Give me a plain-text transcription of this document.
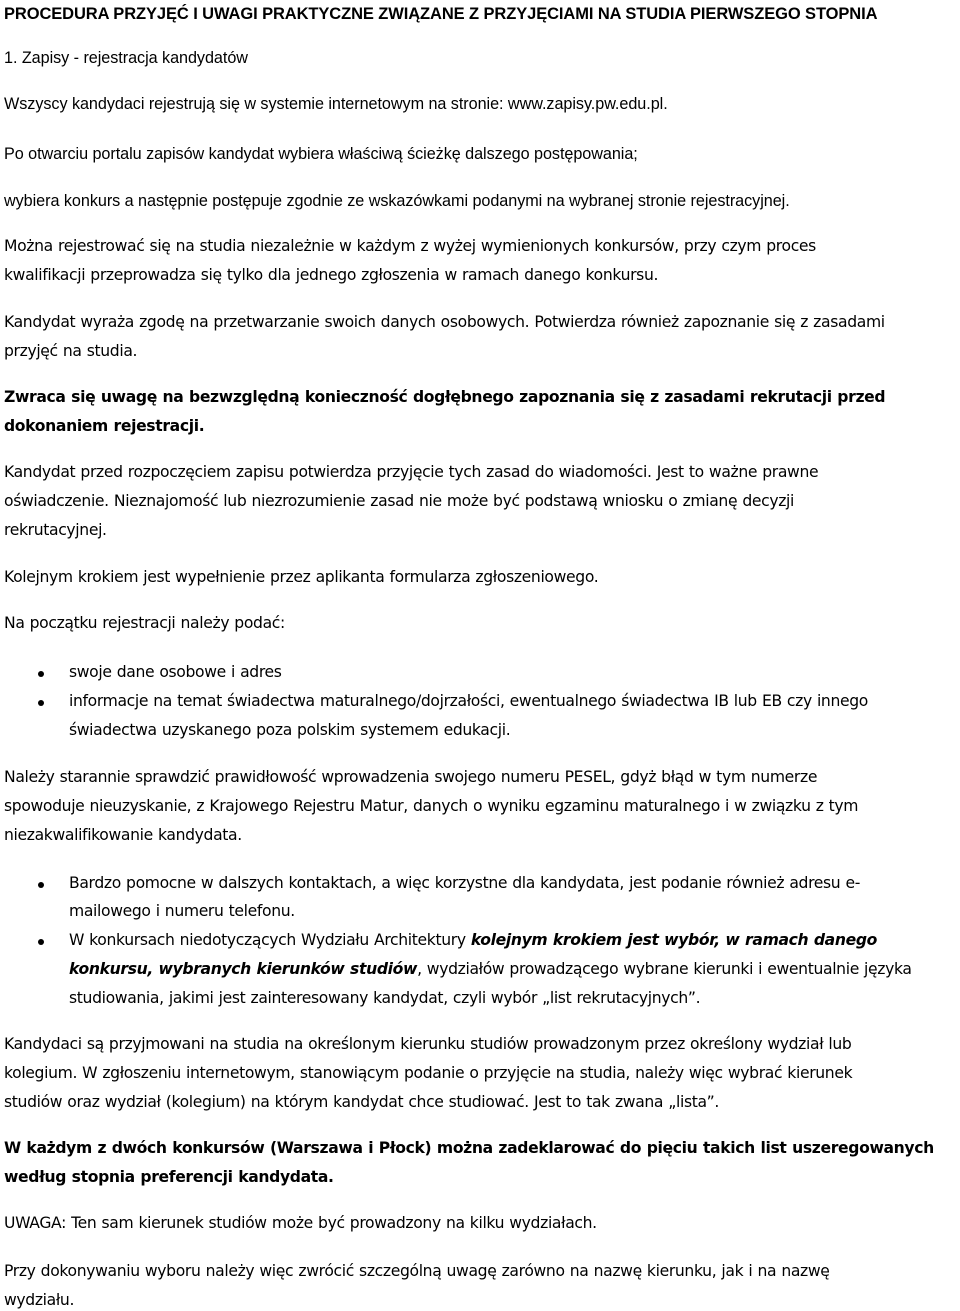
PROCEDURA PRZYJĘĆ I UWAGI PRAKTYCZNE ZWIĄZANE Z PRZYJĘCIAMI NA STUDIA PIERWSZEGO STOPNIA
1. Zapisy - rejestracja kandydatów
Wszyscy kandydaci rejestrują się w systemie internetowym na stronie: www.zapisy.pw.edu.pl.
Po otwarciu portalu zapisów kandydat wybiera właściwą ścieżkę dalszego postępowania;
wybiera konkurs a następnie postępuje zgodnie ze wskazówkami podanymi na wybranej stronie rejestracyjnej.
Można rejestrować się na studia niezależnie w każdym z wyżej wymienionych konkursów, przy czym proces
kwalifikacji przeprowadza się tylko dla jednego zgłoszenia w ramach danego konkursu.
Kandydat wyraża zgodę na przetwarzanie swoich danych osobowych. Potwierdza również zapoznanie się z zasadami
przyjęć na studia.
Zwraca się uwagę na bezwzględną konieczność dogłębnego zapoznania się z zasadami rekrutacji przed
dokonaniem rejestracji.
Kandydat przed rozpoczęciem zapisu potwierdza przyjęcie tych zasad do wiadomości. Jest to ważne prawne
oświadczenie. Nieznajomość lub niezrozumienie zasad nie może być podstawą wniosku o zmianę decyzji
rekrutacyjnej.
Kolejnym krokiem jest wypełnienie przez aplikanta formularza zgłoszeniowego.
Na początku rejestracji należy podać:
swoje dane osobowe i adres
informacje na temat świadectwa maturalnego/dojrzałości, ewentualnego świadectwa IB lub EB czy innego
świadectwa uzyskanego poza polskim systemem edukacji.
Należy starannie sprawdzić prawidłowość wprowadzenia swojego numeru PESEL, gdyż błąd w tym numerze
spowoduje nieuzyskanie, z Krajowego Rejestru Matur, danych o wyniku egzaminu maturalnego i w związku z tym
niezakwalifikowanie kandydata.
Bardzo pomocne w dalszych kontaktach, a więc korzystne dla kandydata, jest podanie również adresu e-
mailowego i numeru telefonu.
W konkursach niedotyczących Wydziału Architektury kolejnym krokiem jest wybór, w ramach danego
konkursu, wybranych kierunków studiów, wydziałów prowadzącego wybrane kierunki i ewentualnie języka
studiowania, jakimi jest zainteresowany kandydat, czyli wybór „list rekrutacyjnych”.
Kandydaci są przyjmowani na studia na określonym kierunku studiów prowadzonym przez określony wydział lub
kolegium. W zgłoszeniu internetowym, stanowiącym podanie o przyjęcie na studia, należy więc wybrać kierunek
studiów oraz wydział (kolegium) na którym kandydat chce studiować. Jest to tak zwana „lista”.
W każdym z dwóch konkursów (Warszawa i Płock) można zadeklarować do pięciu takich list uszeregowanych
według stopnia preferencji kandydata.
UWAGA: Ten sam kierunek studiów może być prowadzony na kilku wydziałach.
Przy dokonywaniu wyboru należy więc zwrócić szczególną uwagę zarówno na nazwę kierunku, jak i na nazwę
wydziału.
